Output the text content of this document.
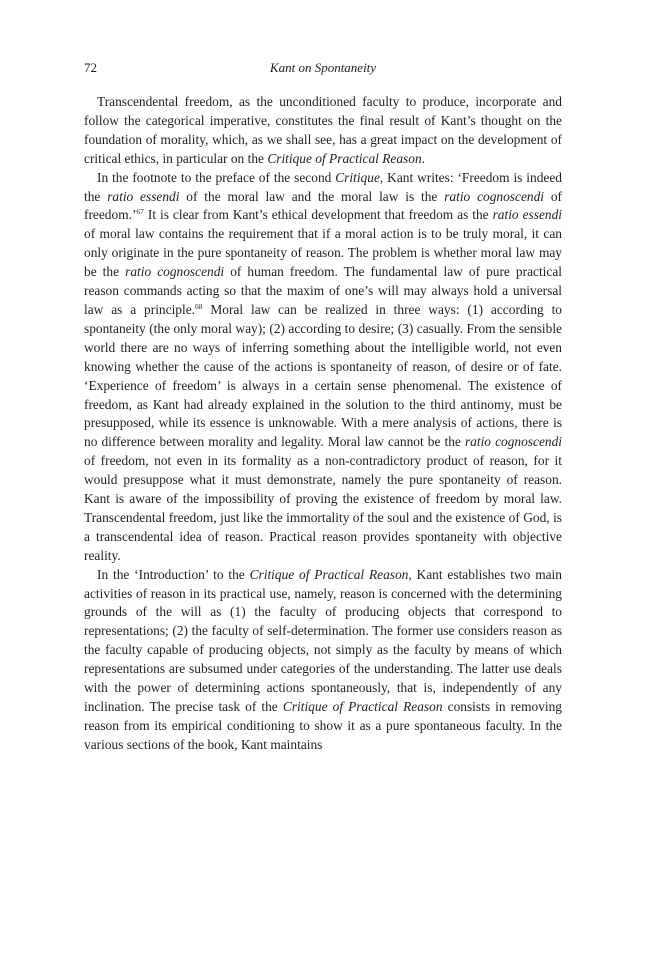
72	Kant on Spontaneity

Transcendental freedom, as the unconditioned faculty to produce, incorporate and follow the categorical imperative, constitutes the final result of Kant’s thought on the foundation of morality, which, as we shall see, has a great impact on the development of critical ethics, in particular on the Critique of Practical Reason.

In the footnote to the preface of the second Critique, Kant writes: ‘Freedom is indeed the ratio essendi of the moral law and the moral law is the ratio cognoscendi of freedom.’$^{67}$ It is clear from Kant’s ethical development that freedom as the ratio essendi of moral law contains the requirement that if a moral action is to be truly moral, it can only originate in the pure spontaneity of reason. The problem is whether moral law may be the ratio cognoscendi of human freedom. The fundamental law of pure practical reason commands acting so that the maxim of one’s will may always hold a universal law as a principle.$^{68}$ Moral law can be realized in three ways: (1) according to spontaneity (the only moral way); (2) according to desire; (3) casually. From the sensible world there are no ways of inferring something about the intelligible world, not even knowing whether the cause of the actions is spontaneity of reason, of desire or of fate. ‘Experience of freedom’ is always in a certain sense phenomenal. The existence of freedom, as Kant had already explained in the solution to the third antinomy, must be presupposed, while its essence is unknowable. With a mere analysis of actions, there is no difference between morality and legality. Moral law cannot be the ratio cognoscendi of freedom, not even in its formality as a non-contradictory product of reason, for it would presuppose what it must demonstrate, namely the pure spontaneity of reason. Kant is aware of the impossibility of proving the existence of freedom by moral law. Transcendental freedom, just like the immortality of the soul and the existence of God, is a transcendental idea of reason. Practical reason provides spontaneity with objective reality.

In the ‘Introduction’ to the Critique of Practical Reason, Kant establishes two main activities of reason in its practical use, namely, reason is concerned with the determining grounds of the will as (1) the faculty of producing objects that correspond to representations; (2) the faculty of self-determination. The former use considers reason as the faculty capable of producing objects, not simply as the faculty by means of which representations are subsumed under categories of the understanding. The latter use deals with the power of determining actions spontaneously, that is, independently of any inclination. The precise task of the Critique of Practical Reason consists in removing reason from its empirical conditioning to show it as a pure spontaneous faculty. In the various sections of the book, Kant maintains
